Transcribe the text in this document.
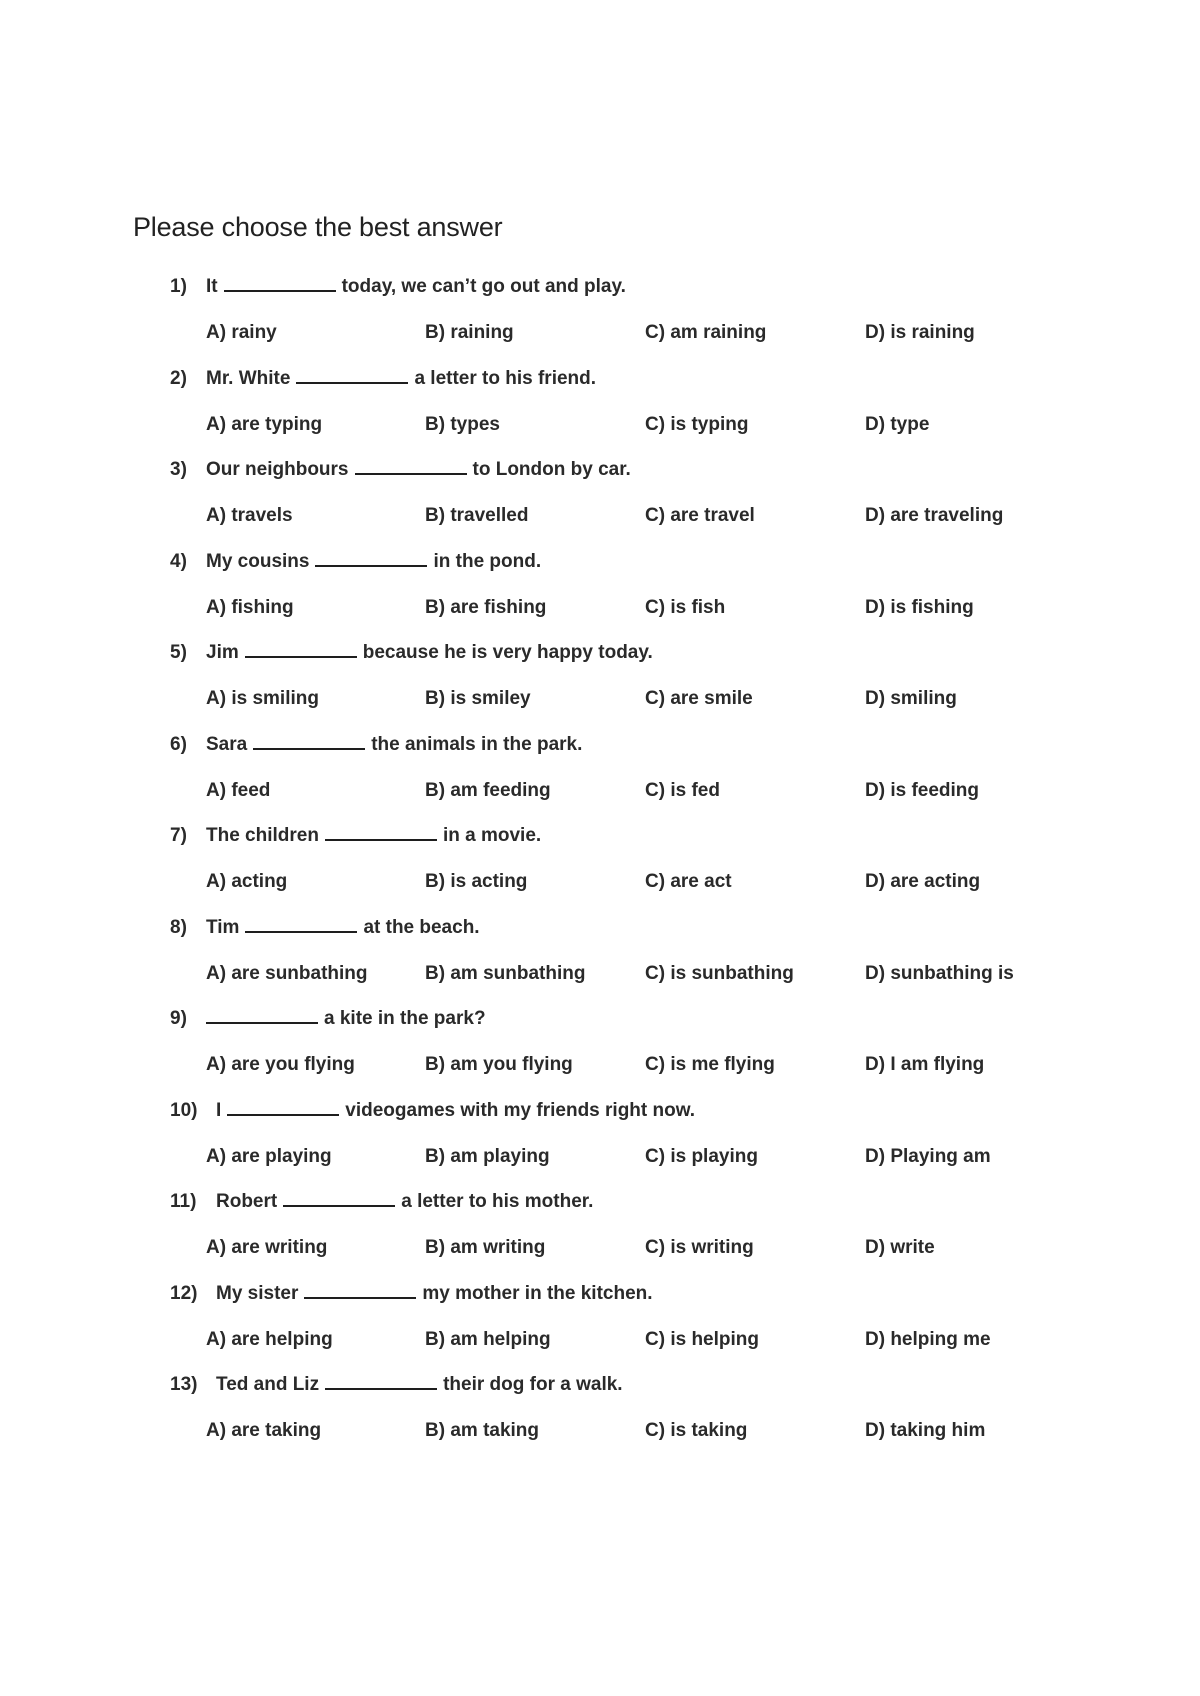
Please choose the best answer
1) It	today, we can’t go out and play.
A) rainy	B) raining	C) am raining	D) is raining
2) Mr. White	a letter to his friend.
A) are typing	B) types	C) is typing	D) type
3) Our neighbours	to London by car.
A) travels	B) travelled	C) are travel	D) are traveling
4) My cousins	in the pond.
A) fishing	B) are fishing	C) is fish	D) is fishing
5) Jim	because he is very happy today.
A) is smiling	B) is smiley	C) are smile	D) smiling
6) Sara	the animals in the park.
A) feed	B) am feeding	C) is fed	D) is feeding
7) The children	in a movie.
A) acting	B) is acting	C) are act	D) are acting
8) Tim	at the beach.
A) are sunbathing	B) am sunbathing	C) is sunbathing	D) sunbathing is
9)	a kite in the park?
A) are you flying	B) am you flying	C) is me flying	D) I am flying
10) I	videogames with my friends right now.
A) are playing	B) am playing	C) is playing	D) Playing am
11) Robert	a letter to his mother.
A) are writing	B) am writing	C) is writing	D) write
12) My sister	my mother in the kitchen.
A) are helping	B) am helping	C) is helping	D) helping me
13) Ted and Liz	their dog for a walk.
A) are taking	B) am taking	C) is taking	D) taking him
